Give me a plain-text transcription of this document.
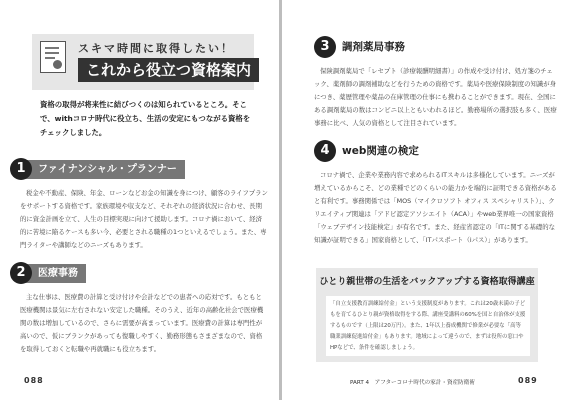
スキマ時間に取得したい！
これから役立つ資格案内
資格の取得が将来性に結びつくのは知られているところ。そこで、withコロナ時代に役立ち、生活の安定にもつながる資格をチェックしました。
ファイナンシャル・プランナー
1
税金や不動産、保険、年金、ローンなどお金の知識を身につけ、顧客のライフプランをサポートする資格です。家族環境や収支など、それぞれの経済状況に合わせ、長期的に資金計画を立て、人生の目標実現に向けて援助します。コロナ禍において、経済的に苦境に陥るケースも多い今、必要とされる職種の1つといえるでしょう。また、専門ライターや講師などのニーズもあります。
医療事務
2
主な仕事は、医療費の計算と受け付けや会計などでの患者への応対です。もともと医療機関は景気に左右されない安定した職種。そのうえ、近年の高齢化社会で医療機関の数は増加しているので、さらに需要が高まっています。医療費の計算は専門性が高いので、仮にブランクがあっても復職しやすく、勤務形態もさまざまなので、資格を取得しておくと転職や再就職にも役立ちます。
088
調剤薬局事務
3
保険調剤薬局で「レセプト（診療報酬明細書）」の作成や受け付け、処方箋のチェック、薬剤師の調剤補助などを行うための資格です。薬局や医療保険制度の知識が身につき、薬歴管理や薬品の在庫管理の仕事にも携わることができます。現在、全国にある調剤薬局の数はコンビニ以上ともいわれるほど。勤務場所の選択肢も多く、医療事務に比べ、人気の資格として注目されています。
web関連の検定
4
コロナ禍で、企業や業務内容で求められるITスキルは多様化しています。ニーズが増えているからこそ、どの業種でどのくらいの能力かを端的に証明できる資格があると有利です。事務関係では「MOS（マイクロソフト オフィス スペシャリスト）」、クリエイティブ関連は「アドビ認定アソシエイト（ACA）」やweb業界唯一の国家資格「ウェブデザイン技能検定」が有名です。また、経産省認定の「ITに関する基礎的な知識が証明できる」国家資格として、「ITパスポート（iパス）」があります。
PART 4　アフターコロナ時代の家計・資産防衛術	089
ひとり親世帯の生活をバックアップする資格取得講座
「自立支援教育訓練給付金」という支援制度があります。これは20歳未満の子どもを育てるひとり親が資格取得をする際、講座受講料の60%を国と自治体が支援するものです（上限は20万円）。また、1年以上養成機関で修業が必要な「高等職業訓練促進給付金」もあります。地域によって違うので、まずは役所の窓口やHPなどで、条件を確認しましょう。
